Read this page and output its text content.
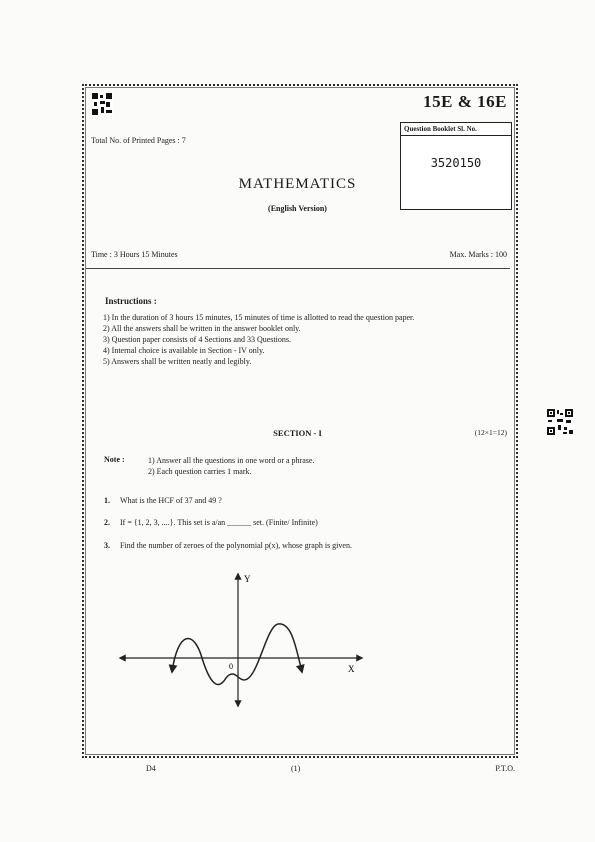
15E & 16E
Total No. of Printed Pages : 7
Question Booklet Sl. No.
3520150
MATHEMATICS
(English Version)
Time : 3 Hours 15 Minutes	Max. Marks : 100
Instructions :
1) In the duration of 3 hours 15 minutes, 15 minutes of time is allotted to read the question paper.
2) All the answers shall be written in the answer booklet only.
3) Question paper consists of 4 Sections and 33 Questions.
4) Internal choice is available in Section - IV only.
5) Answers shall be written neatly and legibly.
SECTION - I	(12×1=12)
Note :	1) Answer all the questions in one word or a phrase.
2) Each question carries 1 mark.
1. What is the HCF of 37 and 49 ?
2. If = {1, 2, 3, ....}. This set is a/an ______ set. (Finite/ Infinite)
3. Find the number of zeroes of the polynomial p(x), whose graph is given.
Y
X
0
D4	(1)	P.T.O.
